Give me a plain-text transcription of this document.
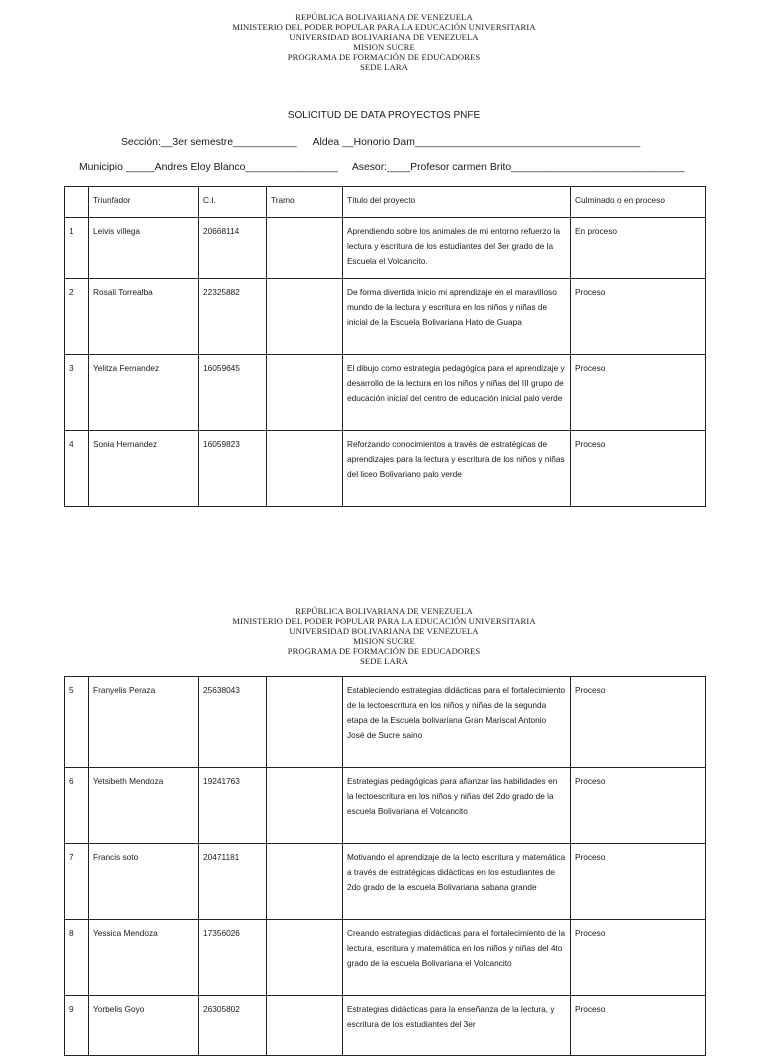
REPÚBLICA BOLIVARIANA DE VENEZUELA
MINISTERIO DEL PODER POPULAR PARA LA EDUCACIÓN UNIVERSITARIA
UNIVERSIDAD BOLIVARIANA DE VENEZUELA
MISION SUCRE
PROGRAMA DE FORMACIÓN DE EDUCADORES
SEDE LARA
SOLICITUD DE DATA PROYECTOS PNFE
Sección:__3er semestre___________ Aldea __Honorio Dam_______________________________________
Municipio _____Andres Eloy Blanco________________ Asesor:____Profesor carmen Brito______________________________
	Triunfador	C.I.	Tramo	Título del proyecto	Culminado o en proceso
1	Leivis villega	20668114		Aprendiendo sobre los animales de mi entorno refuerzo la lectura y escritura de los estudiantes del 3er grado de la Escuela el Volcancito.	En proceso
2	Rosali Torrealba	22325882		De forma divertida inicio mi aprendizaje en el maravilloso mundo de la lectura y escritura en los niños y niñas de inicial de la Escuela Bolivariana Hato de Guapa	Proceso
3	Yelitza Fernandez	16059645		El dibujo como estrategia pedagógica para el aprendizaje y desarrollo de la lectura en los niños y niñas del III grupo de educación inicial del centro de educación inicial palo verde	Proceso
4	Sonia Hernandez	16059823		Reforzando conocimientos a través de estratégicas de aprendizajes para la lectura y escritura de los niños y niñas del liceo Bolivariano palo verde	Proceso
REPÚBLICA BOLIVARIANA DE VENEZUELA
MINISTERIO DEL PODER POPULAR PARA LA EDUCACIÓN UNIVERSITARIA
UNIVERSIDAD BOLIVARIANA DE VENEZUELA
MISION SUCRE
PROGRAMA DE FORMACIÓN DE EDUCADORES
SEDE LARA
5	Franyelis Peraza	25638043		Estableciendo estrategias didácticas para el fortalecimiento de la lectoescritura en los niños y niñas de la segunda etapa de la Escuela bolivariana Gran Mariscal Antonio José de Sucre saino	Proceso
6	Yetsibeth Mendoza	19241763		Estrategias pedagógicas para afianzar las habilidades en la lectoescritura en los niños y niñas del 2do grado de la escuela Bolivariana el Volcancito	Proceso
7	Francis soto	20471181		Motivando el aprendizaje de la lecto escritura y matemática a través de estratégicas didácticas en los estudiantes de 2do grado de la escuela Bolivariana sabana grande	Proceso
8	Yessica Mendoza	17356026		Creando estrategias didácticas para el fortalecimiento de la lectura, escritura y matemática en los niños y niñas del 4to grado de la escuela Bolivariana el Volcancito	Proceso
9	Yorbelis Goyo	26305802		Estrategias didácticas para la enseñanza de la lectura, y escritura de los estudiantes del 3er	Proceso
